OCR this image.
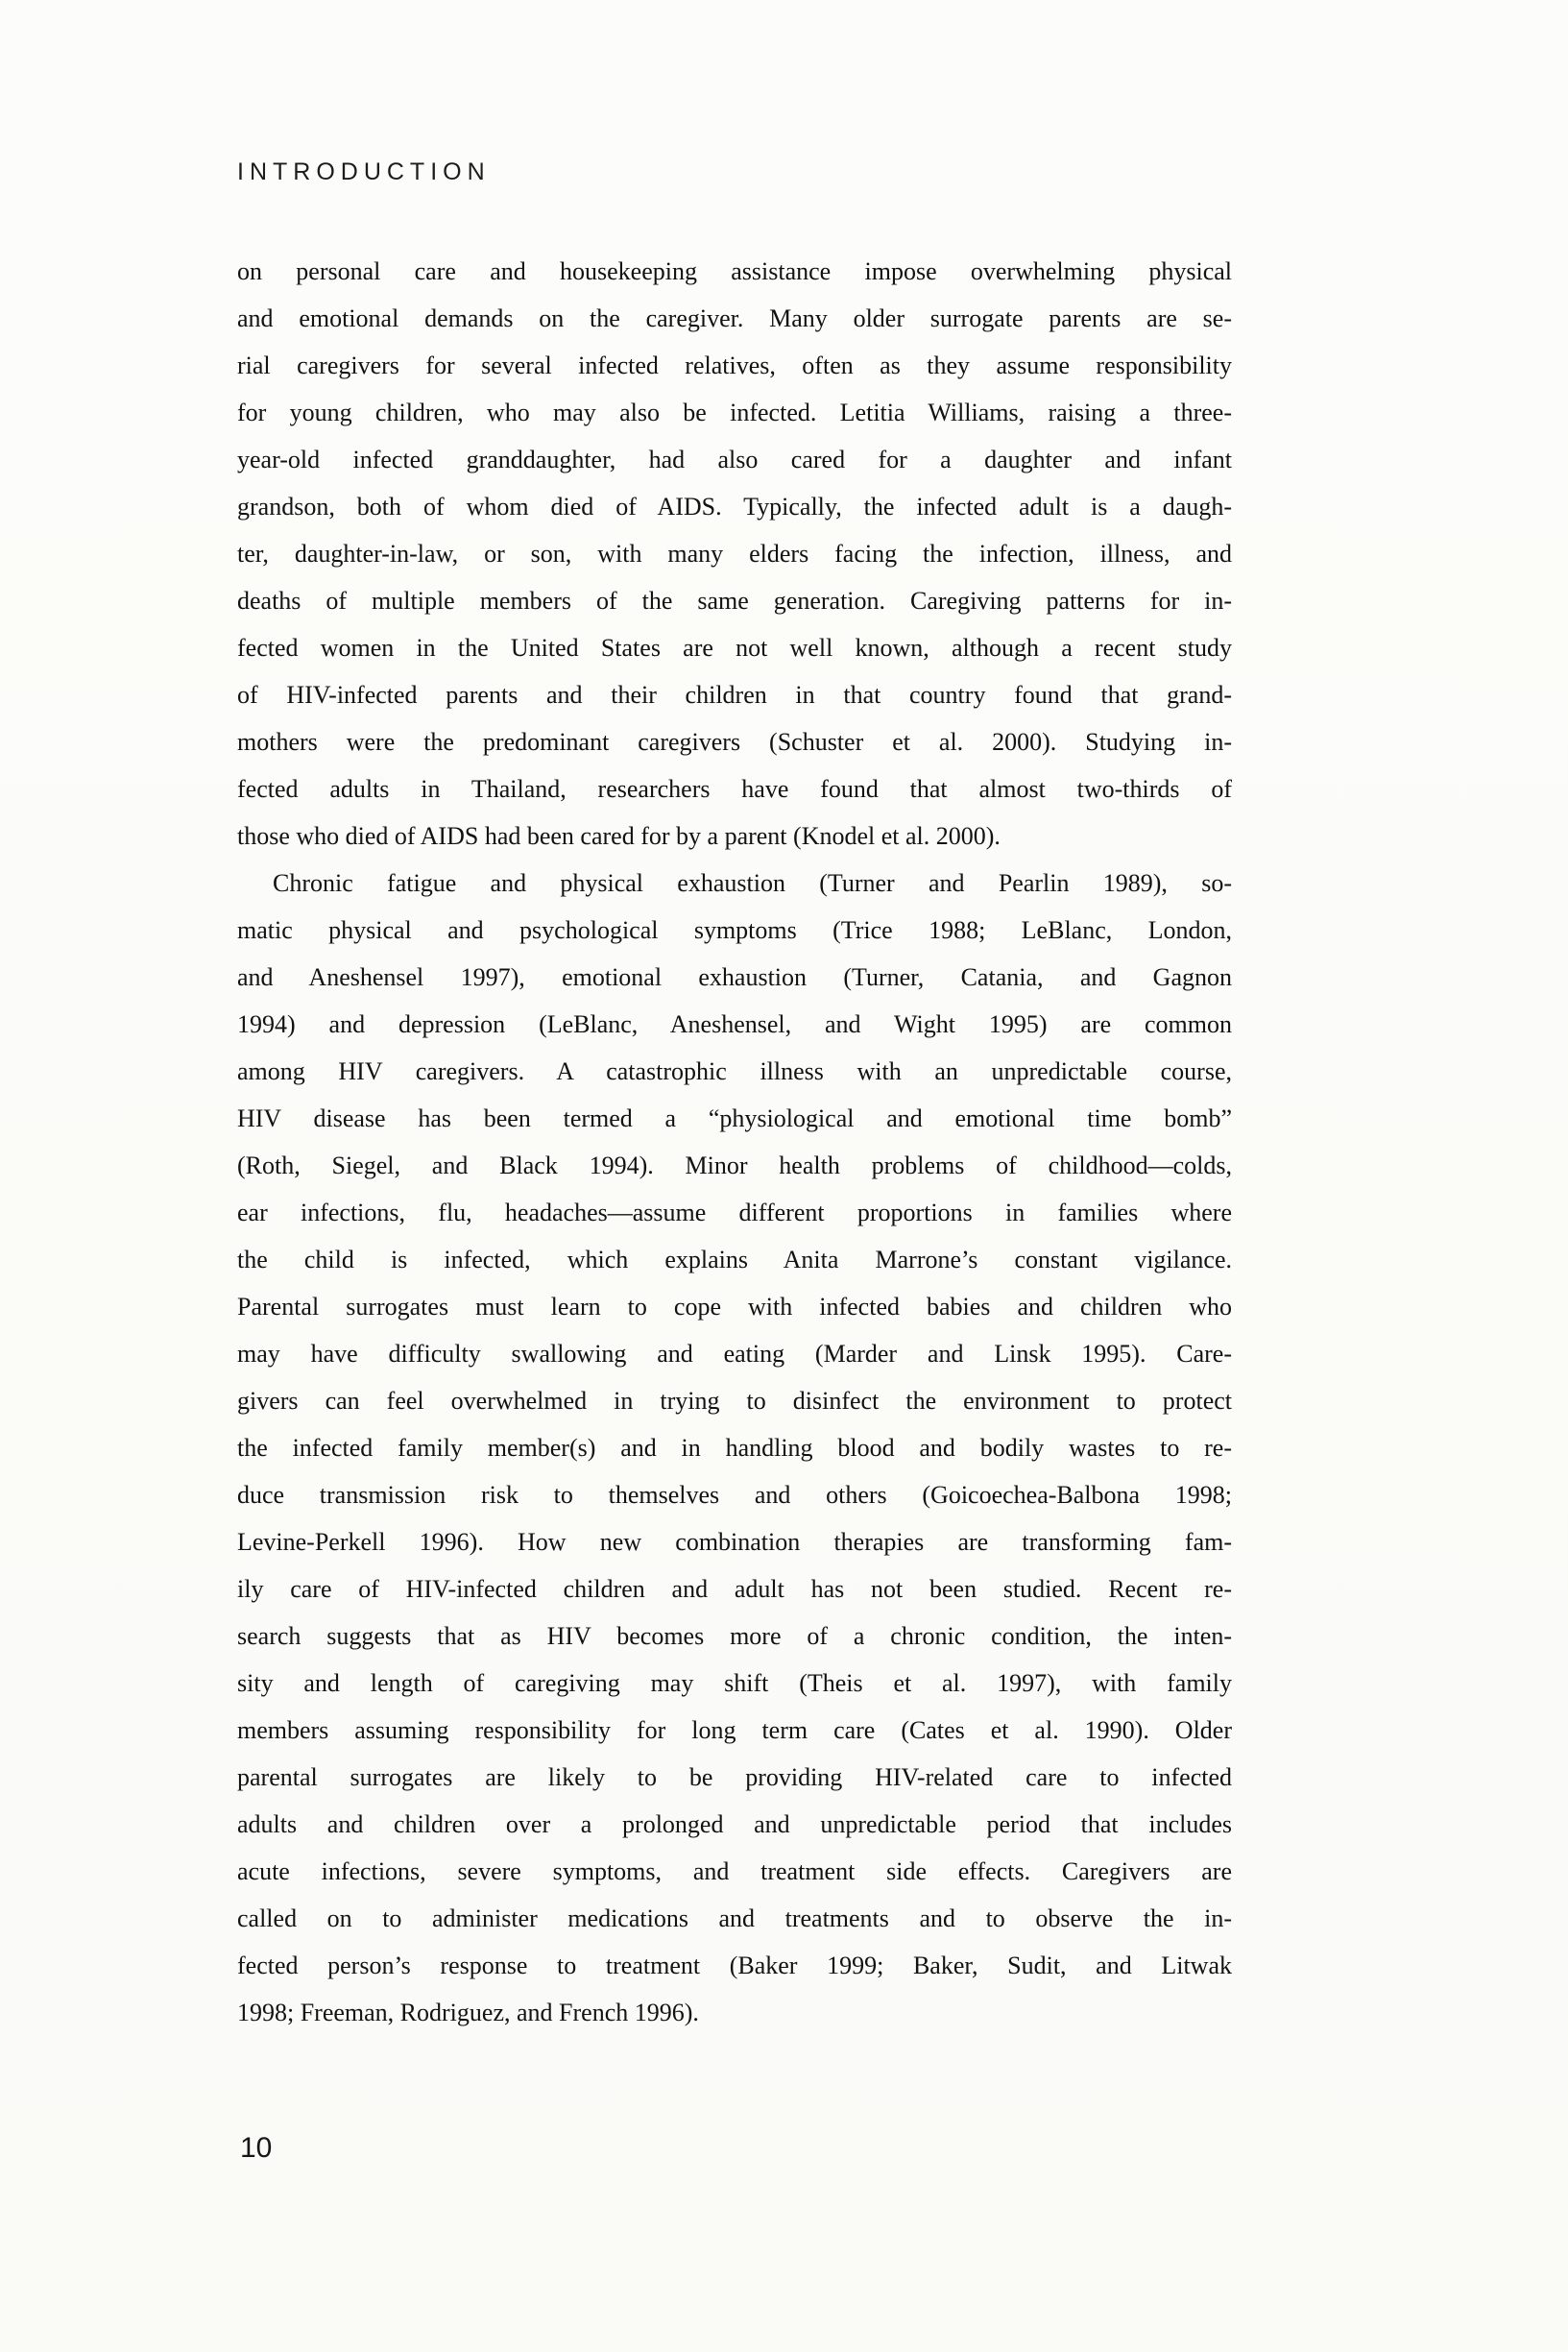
INTRODUCTION
on personal care and housekeeping assistance impose overwhelming physical
and emotional demands on the caregiver. Many older surrogate parents are se-
rial caregivers for several infected relatives, often as they assume responsibility
for young children, who may also be infected. Letitia Williams, raising a three-
year-old infected granddaughter, had also cared for a daughter and infant
grandson, both of whom died of AIDS. Typically, the infected adult is a daugh-
ter, daughter-in-law, or son, with many elders facing the infection, illness, and
deaths of multiple members of the same generation. Caregiving patterns for in-
fected women in the United States are not well known, although a recent study
of HIV-infected parents and their children in that country found that grand-
mothers were the predominant caregivers (Schuster et al. 2000). Studying in-
fected adults in Thailand, researchers have found that almost two-thirds of
those who died of AIDS had been cared for by a parent (Knodel et al. 2000).
Chronic fatigue and physical exhaustion (Turner and Pearlin 1989), so-
matic physical and psychological symptoms (Trice 1988; LeBlanc, London,
and Aneshensel 1997), emotional exhaustion (Turner, Catania, and Gagnon
1994) and depression (LeBlanc, Aneshensel, and Wight 1995) are common
among HIV caregivers. A catastrophic illness with an unpredictable course,
HIV disease has been termed a “physiological and emotional time bomb”
(Roth, Siegel, and Black 1994). Minor health problems of childhood—colds,
ear infections, flu, headaches—assume different proportions in families where
the child is infected, which explains Anita Marrone’s constant vigilance.
Parental surrogates must learn to cope with infected babies and children who
may have difficulty swallowing and eating (Marder and Linsk 1995). Care-
givers can feel overwhelmed in trying to disinfect the environment to protect
the infected family member(s) and in handling blood and bodily wastes to re-
duce transmission risk to themselves and others (Goicoechea-Balbona 1998;
Levine-Perkell 1996). How new combination therapies are transforming fam-
ily care of HIV-infected children and adult has not been studied. Recent re-
search suggests that as HIV becomes more of a chronic condition, the inten-
sity and length of caregiving may shift (Theis et al. 1997), with family
members assuming responsibility for long term care (Cates et al. 1990). Older
parental surrogates are likely to be providing HIV-related care to infected
adults and children over a prolonged and unpredictable period that includes
acute infections, severe symptoms, and treatment side effects. Caregivers are
called on to administer medications and treatments and to observe the in-
fected person’s response to treatment (Baker 1999; Baker, Sudit, and Litwak
1998; Freeman, Rodriguez, and French 1996).
10
